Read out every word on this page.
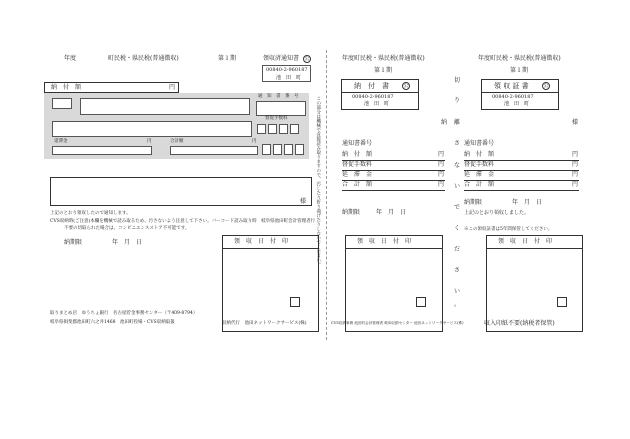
年度	町民税・県民税(普通徴収)	第１期	領収済通知書 公
00840-2-960187
池　田　町
納　付　額	円
通　知　書　番　号
督促手数料
延滞金	円	合計額	円
様
上記のとおり領収したので通知します。
CVS収納時(ご注意)本欄を機械で読み取るため、汚さないよう注意して下さい。バーコード読み取り時　岐阜県池田町会計管理者行
不要の切取られた場合は、コンビニエンスストア不可能です。
納期限	年　月　日	領　収　日　付　印
取りまとめ店　ゆうちょ銀行　名古屋貯金事務センター（〒409-8794）
岐阜県揖斐郡池田町六之井1468　池田町役場・CVS収納取扱	収納代行　池田ネットワークサービス(株)
この部分は機械で直接読み取りますので、汚したり折り曲げたりしないでください。
年度町民税・県民税(普通徴収)
第１期
納　付　書	公
00840-2-960187
池　田　町
納
通知書番号
納　付　額	円
督促手数料	円
延　滞　金	円
合　計　額	円
納期限	年　月　日
領　収　日　付　印
CVS収納事務 池田町会計管理者 岐阜収納センター 池田ネットワークサービス(株)
切
り
離
さ
な
い
で
く
だ
さ
い
。
年度町民税・県民税(普通徴収)
第１期
領 収 証 書	公
00840-2-960187
池　田　町
様
通知書番号
納　付　額	円
督促手数料	円
延　滞　金	円
合　計　額	円
納期限	年　月　日
上記のとおり領収しました。
※この領収証書は5年間保管してください。
領　収　日　付　印
収入印紙不要(納税者保管)
